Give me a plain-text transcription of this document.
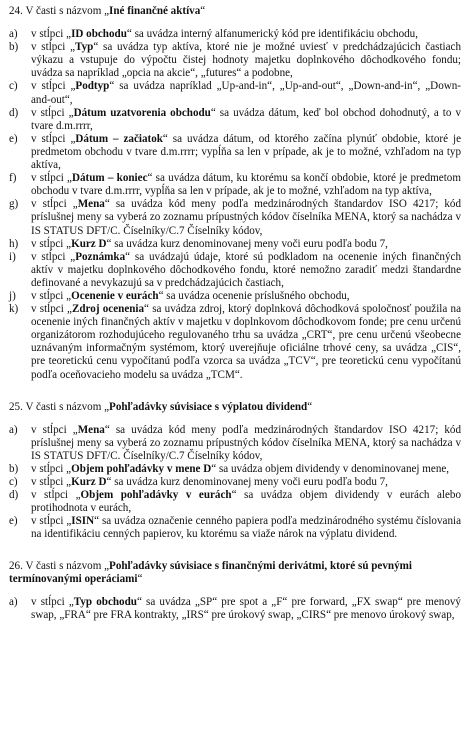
24. V časti s názvom „Iné finančné aktíva“

a)	v stĺpci „ID obchodu“ sa uvádza interný alfanumerický kód pre identifikáciu obchodu,
b)	v stĺpci „Typ“ sa uvádza typ aktíva, ktoré nie je možné uviesť v predchádzajúcich častiach výkazu a vstupuje do výpočtu čistej hodnoty majetku doplnkového dôchodkového fondu; uvádza sa napríklad „opcia na akcie“, „futures“ a podobne,
c)	v stĺpci „Podtyp“ sa uvádza napríklad „Up-and-in“, „Up-and-out“, „Down-and-in“, „Down-and-out“,
d)	v stĺpci „Dátum uzatvorenia obchodu“ sa uvádza dátum, keď bol obchod dohodnutý, a to v tvare d.m.rrrr,
e)	v stĺpci „Dátum – začiatok“ sa uvádza dátum, od ktorého začína plynúť obdobie, ktoré je predmetom obchodu v tvare d.m.rrrr; vypĺňa sa len v prípade, ak je to možné, vzhľadom na typ aktíva,
f)	v stĺpci „Dátum – koniec“ sa uvádza dátum, ku ktorému sa končí obdobie, ktoré je predmetom obchodu v tvare d.m.rrrr, vypĺňa sa len v prípade, ak je to možné, vzhľadom na typ aktíva,
g)	v stĺpci „Mena“ sa uvádza kód meny podľa medzinárodných štandardov ISO 4217; kód príslušnej meny sa vyberá zo zoznamu prípustných kódov číselníka MENA, ktorý sa nachádza v IS STATUS DFT/C. Číselníky/C.7 Číselníky kódov,
h)	v stĺpci „Kurz D“ sa uvádza kurz denominovanej meny voči euru podľa bodu 7,
i)	v stĺpci „Poznámka“ sa uvádzajú údaje, ktoré sú podkladom na ocenenie iných finančných aktív v majetku doplnkového dôchodkového fondu, ktoré nemožno zaradiť medzi štandardne definované a nevykazujú sa v predchádzajúcich častiach,
j)	v stĺpci „Ocenenie v eurách“ sa uvádza ocenenie príslušného obchodu,
k)	v stĺpci „Zdroj ocenenia“ sa uvádza zdroj, ktorý doplnková dôchodková spoločnosť použila na ocenenie iných finančných aktív v majetku v doplnkovom dôchodkovom fonde; pre cenu určenú organizátorom rozhodujúceho regulovaného trhu sa uvádza „CRT“, pre cenu určenú všeobecne uznávaným informačným systémom, ktorý uverejňuje oficiálne trhové ceny, sa uvádza „CIS“, pre teoretickú cenu vypočítanú podľa vzorca sa uvádza „TCV“, pre teoretickú cenu vypočítanú podľa oceňovacieho modelu sa uvádza „TCM“.

25. V časti s názvom „Pohľadávky súvisiace s výplatou dividend“

a)	v stĺpci „Mena“ sa uvádza kód meny podľa medzinárodných štandardov ISO 4217; kód príslušnej meny sa vyberá zo zoznamu prípustných kódov číselníka MENA, ktorý sa nachádza v IS STATUS DFT/C. Číselníky/C.7 Číselníky kódov,
b)	v stĺpci „Objem pohľadávky v mene D“ sa uvádza objem dividendy v denominovanej mene,
c)	v stĺpci „Kurz D“ sa uvádza kurz denominovanej meny voči euru podľa bodu 7,
d)	v stĺpci „Objem pohľadávky v eurách“ sa uvádza objem dividendy v eurách alebo protihodnota v eurách,
e)	v stĺpci „ISIN“ sa uvádza označenie cenného papiera podľa medzinárodného systému číslovania na identifikáciu cenných papierov, ku ktorému sa viaže nárok na výplatu dividend.

26. V časti s názvom „Pohľadávky súvisiace s finančnými derivátmi, ktoré sú pevnými termínovanými operáciami“

a)	v stĺpci „Typ obchodu“ sa uvádza „SP“ pre spot a „F“ pre forward, „FX swap“ pre menový swap, „FRA“ pre FRA kontrakty, „IRS“ pre úrokový swap, „CIRS“ pre menovo úrokový swap,
